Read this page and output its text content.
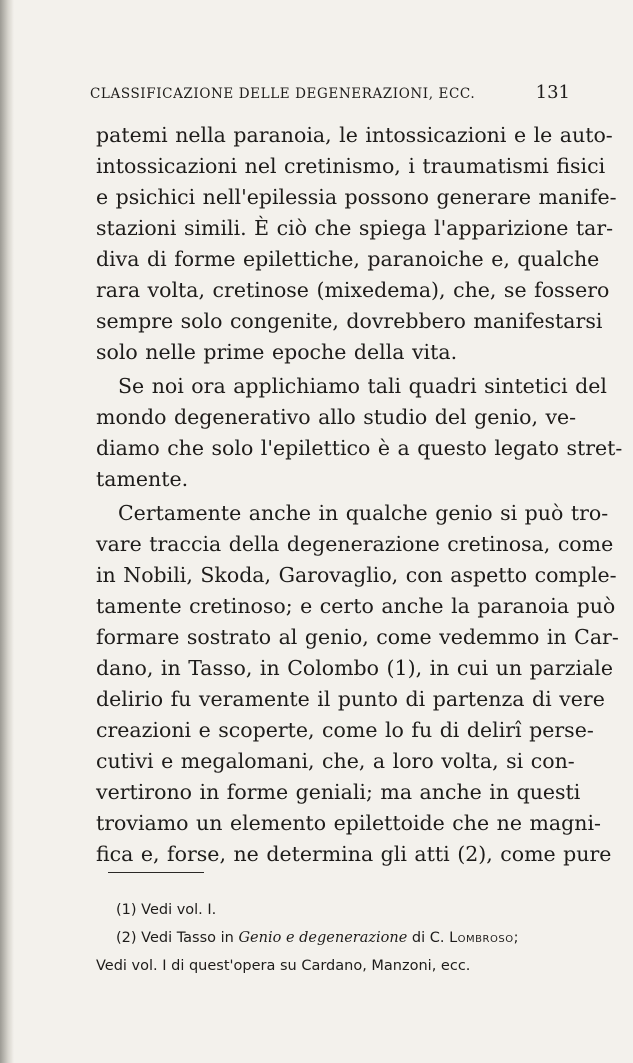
CLASSIFICAZIONE DELLE DEGENERAZIONI, ECC.	131
patemi nella paranoia, le intossicazioni e le auto-
intossicazioni nel cretinismo, i traumatismi fisici
e psichici nell'epilessia possono generare manife-
stazioni simili. È ciò che spiega l'apparizione tar-
diva di forme epilettiche, paranoiche e, qualche
rara volta, cretinose (mixedema), che, se fossero
sempre solo congenite, dovrebbero manifestarsi
solo nelle prime epoche della vita.
Se noi ora applichiamo tali quadri sintetici del
mondo degenerativo allo studio del genio, ve-
diamo che solo l'epilettico è a questo legato stret-
tamente.
Certamente anche in qualche genio si può tro-
vare traccia della degenerazione cretinosa, come
in Nobili, Skoda, Garovaglio, con aspetto comple-
tamente cretinoso; e certo anche la paranoia può
formare sostrato al genio, come vedemmo in Car-
dano, in Tasso, in Colombo (1), in cui un parziale
delirio fu veramente il punto di partenza di vere
creazioni e scoperte, come lo fu di delirî perse-
cutivi e megalomani, che, a loro volta, si con-
vertirono in forme geniali; ma anche in questi
troviamo un elemento epilettoide che ne magni-
fica e, forse, ne determina gli atti (2), come pure
(1) Vedi vol. I.
(2) Vedi Tasso in Genio e degenerazione di C. Lombroso;
Vedi vol. I di quest'opera su Cardano, Manzoni, ecc.
